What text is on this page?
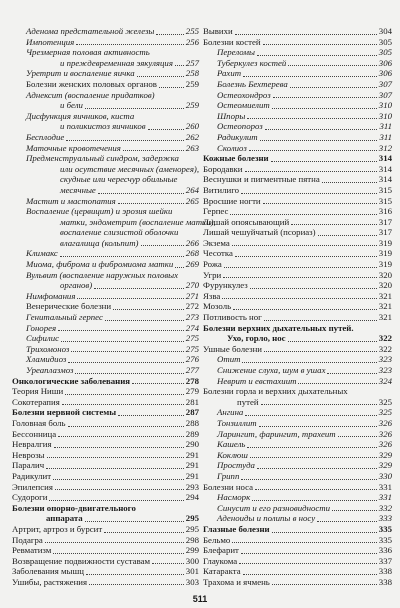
Аденома предстательной железы	255
Импотенция	256
Чрезмерная половая активность
и преждевременная эякуляция 257
Уретрит и воспаление яичка	258
Болезни женских половых органов	259
Аднексит (воспаление придатков)
и бели	259
Дисфункция яичников, киста
и поликистоз яичников	260
Бесплодие	262
Маточные кровотечения	263
Предменструальный синдром, задержка
или осутствие месячных (аменорея),
скудные или чересчур обильные
месячные	264
Мастит и мастопатия	265
Воспаление (цервицит) и эрозия шейки
матки, эндометрит (воспаление матки),
воспаление слизистой оболочки
влагалища (кольпит)	266
Климакс	268
Миома, фиброма и фибромиома матки 269
Вульвит (воспаление наружных половых
органов)	270
Нимфомания	271
Венерические болезни	272
Генитальный герпес	273
Гонорея	274
Сифилис	275
Трихомоноз	275
Хламидиоз	276
Уреаплазмоз	277
Онкологические заболевания	278
Теория Ниши	279
Сокотерапия	281
Болезни нервной системы	287
Головная боль	288
Бессонница	289
Невралгия	290
Неврозы	291
Паралич	291
Радикулит	291
Эпилепсия	293
Судороги	294
Болезни опорно-двигательного
аппарата	295
Артрит, артроз и бурсит	295
Подагра	298
Ревматизм	299
Возвращение подвижности суставам	300
Заболевания мышц	301
Ушибы, растяжения	303
Вывихи	304
Болезни костей	305
Переломы	305
Туберкулез костей	306
Рахит	306
Болезнь Бехтерева	307
Остеохондроз	307
Остеомиелит	310
Шпоры	310
Остеопороз	311
Радикулит	311
Сколиоз	312
Кожные болезни	314
Бородавки	314
Веснушки и пигментные пятна	314
Витилиго	315
Вросшие ногти	315
Герпес	316
Лишай опоясывающий	317
Лишай чешуйчатый (псориаз)	317
Экзема	319
Чесотка	319
Рожа	319
Угри	320
Фурункулез	320
Язва	321
Мозоль	321
Потливость ног	321
Болезни верхних дыхательных путей.
Ухо, горло, нос	322
Ушные болезни	322
Отит	323
Снижение слуха, шум в ушах	323
Неврит и евстахиит	324
Болезни горла и верхних дыхательных
путей	325
Ангина	325
Тонзиллит	326
Ларингит, фарингит, трахеит	326
Кашель	326
Коклюш	329
Простуда	329
Грипп	330
Болезни носа	331
Насморк	331
Синусит и его разновидности	332
Аденоиды и полипы в носу	333
Глазные болезни	335
Бельмо	335
Блефарит	336
Глаукома	337
Катаракта	338
Трахома и ячмень	338
511
